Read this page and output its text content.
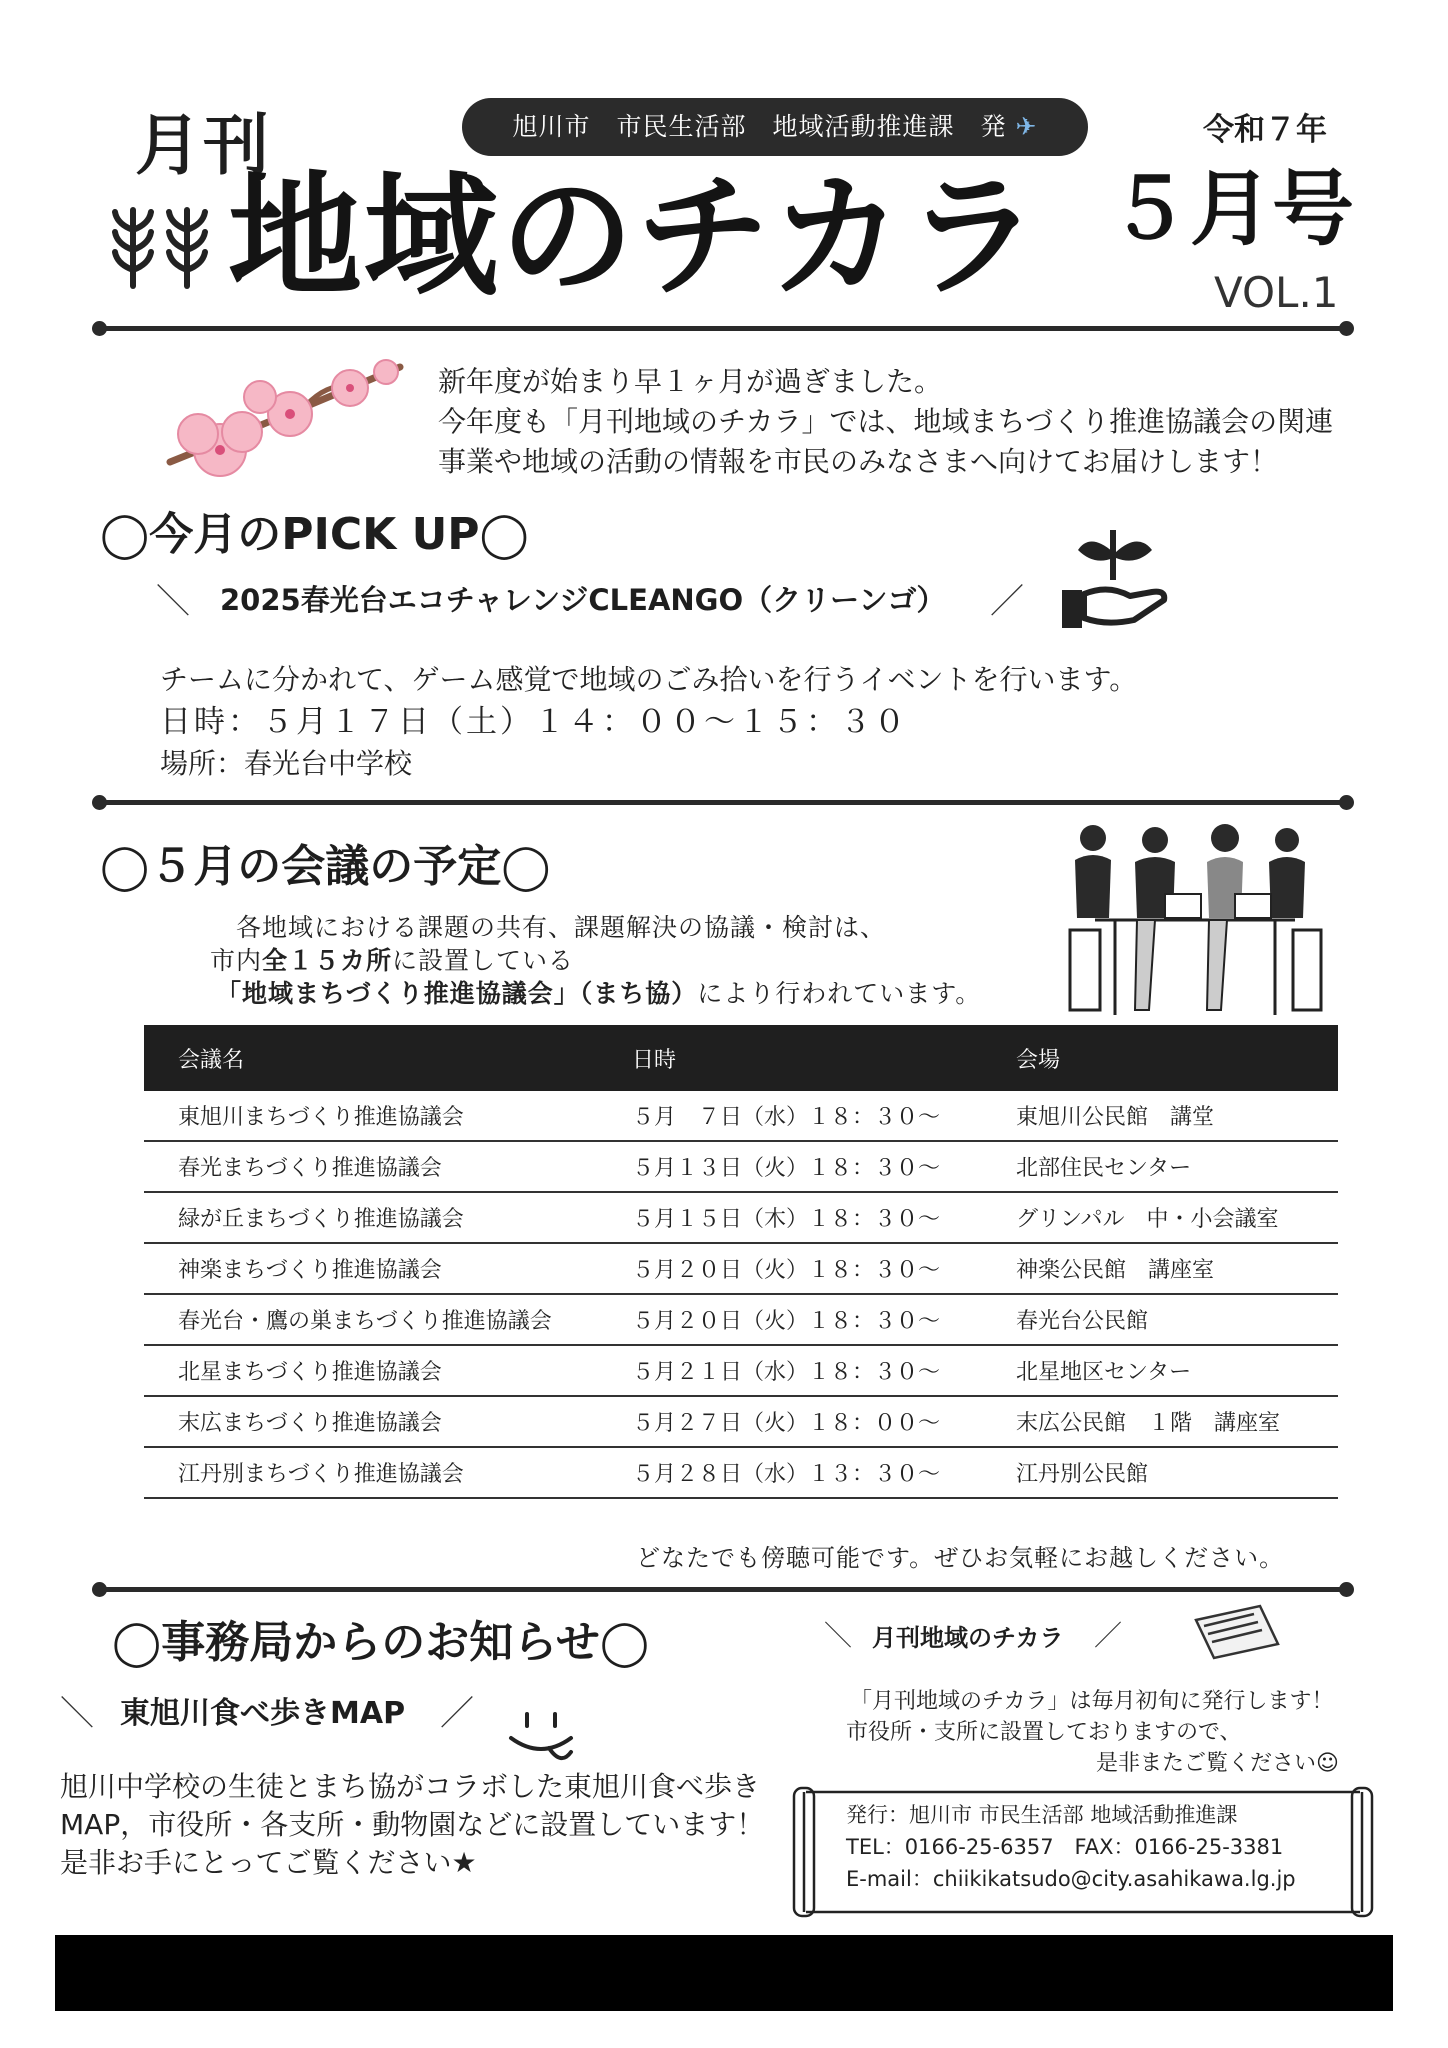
月刊	旭川市　市民生活部　地域活動推進課　発 ✈	令和７年
地域のチカラ ５月号
VOL.1
新年度が始まり早１ヶ月が過ぎました。
今年度も「月刊地域のチカラ」では、地域まちづくり推進協議会の関連
事業や地域の活動の情報を市民のみなさまへ向けてお届けします！
◯今月のPICK UP◯
＼ 2025春光台エコチャレンジCLEANGO（クリーンゴ） ／
チームに分かれて、ゲーム感覚で地域のごみ拾いを行うイベントを行います。
日時：５月１７日（土）１４：００〜１５：３０
場所：春光台中学校
◯５月の会議の予定◯
各地域における課題の共有、課題解決の協議・検討は、
市内全１５カ所に設置している
「地域まちづくり推進協議会」（まち協）により行われています。
会議名	日時	会場
東旭川まちづくり推進協議会	５月　７日（水）１８：３０〜	東旭川公民館　講堂
春光まちづくり推進協議会	５月１３日（火）１８：３０〜	北部住民センター
緑が丘まちづくり推進協議会	５月１５日（木）１８：３０〜	グリンパル　中・小会議室
神楽まちづくり推進協議会	５月２０日（火）１８：３０〜	神楽公民館　講座室
春光台・鷹の巣まちづくり推進協議会	５月２０日（火）１８：３０〜	春光台公民館
北星まちづくり推進協議会	５月２１日（水）１８：３０〜	北星地区センター
末広まちづくり推進協議会	５月２７日（火）１８：００〜	末広公民館　１階　講座室
江丹別まちづくり推進協議会	５月２８日（水）１３：３０〜	江丹別公民館
どなたでも傍聴可能です。ぜひお気軽にお越しください。
◯事務局からのお知らせ◯
＼ 東旭川食べ歩きMAP ／
旭川中学校の生徒とまち協がコラボした東旭川食べ歩き
MAP，市役所・各支所・動物園などに設置しています！
是非お手にとってご覧ください★
＼ 月刊地域のチカラ ／
「月刊地域のチカラ」は毎月初旬に発行します！
市役所・支所に設置しておりますので、
是非またご覧ください☺
発行：旭川市 市民生活部 地域活動推進課
TEL：0166-25-6357　FAX：0166-25-3381
E-mail：chiikikatsudo@city.asahikawa.lg.jp
